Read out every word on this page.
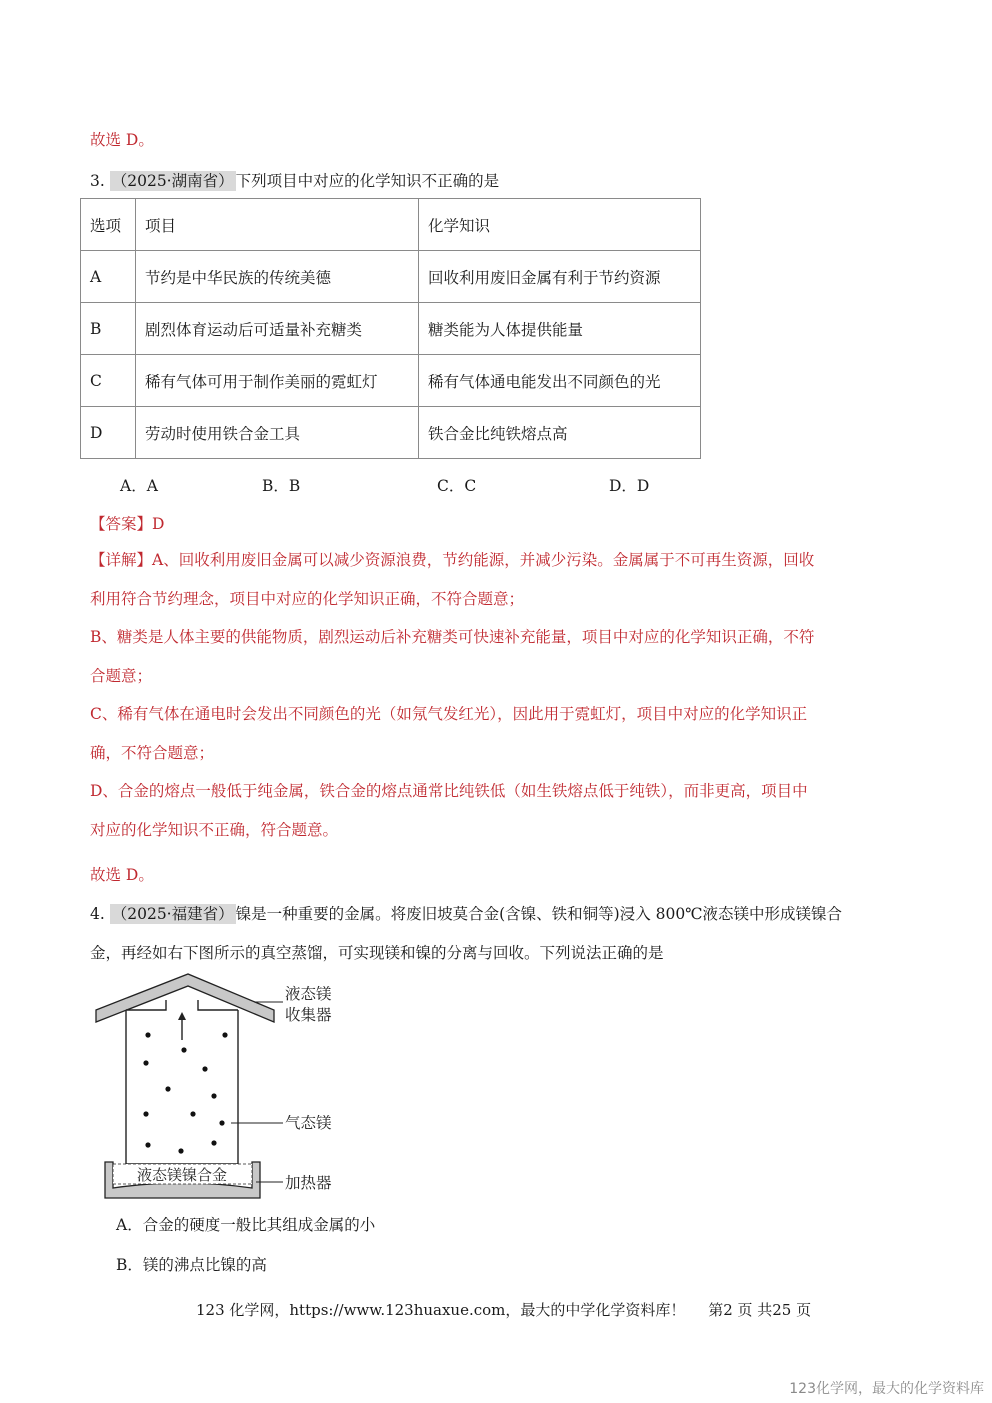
故选 D。
3. （2025·湖南省） 下列项目中对应的化学知识不正确的是
选项	项目	化学知识
A	节约是中华民族的传统美德	回收利用废旧金属有利于节约资源
B	剧烈体育运动后可适量补充糖类	糖类能为人体提供能量
C	稀有气体可用于制作美丽的霓虹灯	稀有气体通电能发出不同颜色的光
D	劳动时使用铁合金工具	铁合金比纯铁熔点高
A．A	B．B	C．C	D．D
【答案】D
【详解】A、回收利用废旧金属可以减少资源浪费，节约能源，并减少污染。金属属于不可再生资源，回收
利用符合节约理念，项目中对应的化学知识正确，不符合题意；
B、糖类是人体主要的供能物质，剧烈运动后补充糖类可快速补充能量，项目中对应的化学知识正确，不符
合题意；
C、稀有气体在通电时会发出不同颜色的光（如氖气发红光），因此用于霓虹灯，项目中对应的化学知识正
确，不符合题意；
D、合金的熔点一般低于纯金属，铁合金的熔点通常比纯铁低（如生铁熔点低于纯铁），而非更高，项目中
对应的化学知识不正确，符合题意。
故选 D。
4. （2025·福建省） 镍是一种重要的金属。将废旧坡莫合金(含镍、铁和铜等)浸入 800℃液态镁中形成镁镍合
金，再经如右下图所示的真空蒸馏，可实现镁和镍的分离与回收。下列说法正确的是
液态镁镍合金
液态镁
收集器
气态镁
加热器
A．合金的硬度一般比其组成金属的小
B．镁的沸点比镍的高
123 化学网，https://www.123huaxue.com，最大的中学化学资料库！ 第2 页 共25 页
123化学网，最大的化学资料库
